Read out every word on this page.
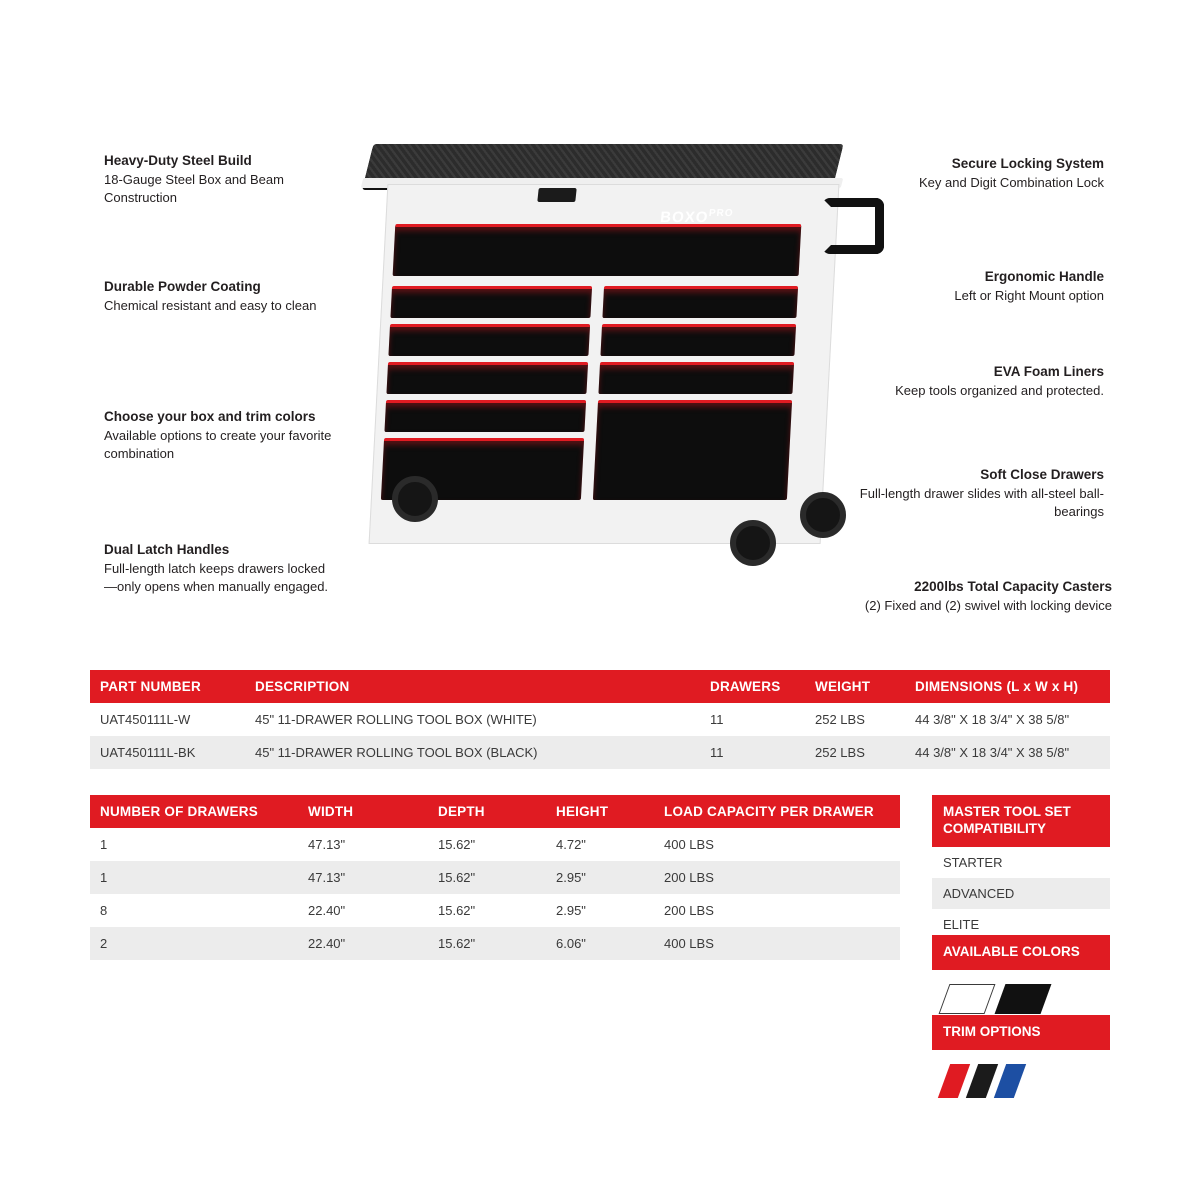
Heavy-Duty Steel Build
18-Gauge Steel Box and Beam Construction
Durable Powder Coating
Chemical resistant and easy to clean
Choose your box and trim colors
Available options to create your favorite combination
Dual Latch Handles
Full-length latch keeps drawers locked—only opens when manually engaged.
Secure Locking System
Key and Digit Combination Lock
Ergonomic Handle
Left or Right Mount option
EVA Foam Liners
Keep tools organized and protected.
Soft Close Drawers
Full-length drawer slides with all-steel ball-bearings
2200lbs Total Capacity Casters
(2) Fixed and (2) swivel with locking device
$BOXO^{PRO}$
PART NUMBER	DESCRIPTION	DRAWERS	WEIGHT	DIMENSIONS (L x W x H)
UAT450111L-W	45" 11-DRAWER ROLLING TOOL BOX (WHITE)	11	252 LBS	44 3/8" X 18 3/4" X 38 5/8"
UAT450111L-BK	45" 11-DRAWER ROLLING TOOL BOX (BLACK)	11	252 LBS	44 3/8" X 18 3/4" X 38 5/8"
NUMBER OF DRAWERS	WIDTH	DEPTH	HEIGHT	LOAD CAPACITY PER DRAWER
1	47.13"	15.62"	4.72"	400 LBS
1	47.13"	15.62"	2.95"	200 LBS
8	22.40"	15.62"	2.95"	200 LBS
2	22.40"	15.62"	6.06"	400 LBS
MASTER TOOL SET COMPATIBILITY
STARTER
ADVANCED
ELITE
AVAILABLE COLORS
TRIM OPTIONS
